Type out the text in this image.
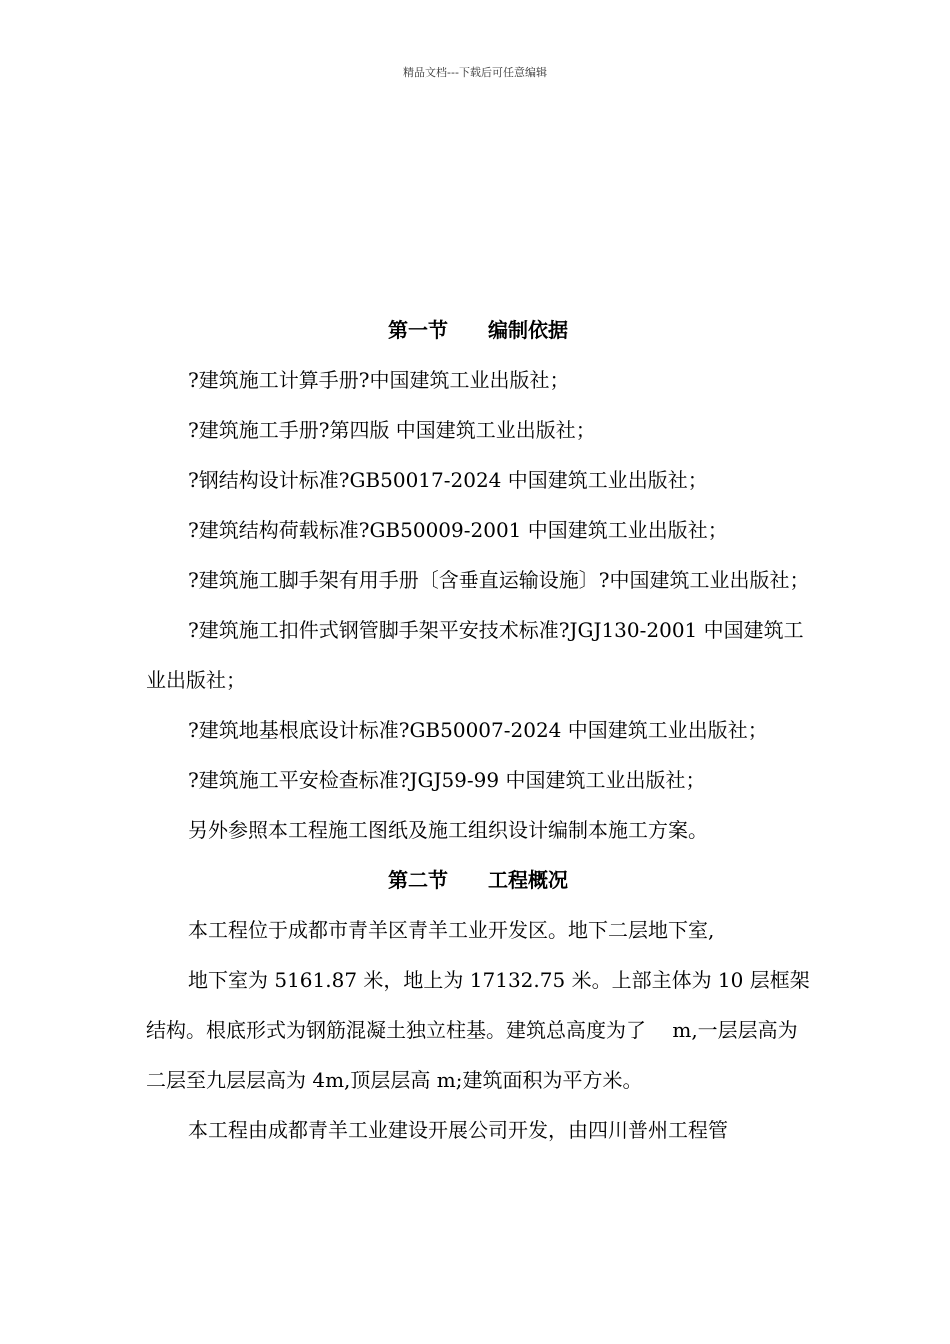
精品文档---下载后可任意编辑
第一节　　编制依据

?建筑施工计算手册?中国建筑工业出版社；

?建筑施工手册?第四版 中国建筑工业出版社；

?钢结构设计标准?GB50017-2024 中国建筑工业出版社；

?建筑结构荷载标准?GB50009-2001 中国建筑工业出版社；

?建筑施工脚手架有用手册〔含垂直运输设施〕?中国建筑工业出版社；

?建筑施工扣件式钢管脚手架平安技术标准?JGJ130-2001 中国建筑工业出版社；

?建筑地基根底设计标准?GB50007-2024 中国建筑工业出版社；

?建筑施工平安检查标准?JGJ59-99 中国建筑工业出版社；

另外参照本工程施工图纸及施工组织设计编制本施工方案。

第二节　　工程概况

本工程位于成都市青羊区青羊工业开发区。地下二层地下室,

地下室为 5161.87 米，地上为 17132.75 米。上部主体为 10 层框架结构。根底形式为钢筋混凝土独立柱基。建筑总高度为了　 m,一层层高为二层至九层层高为 4m,顶层层高 m;建筑面积为平方米。

本工程由成都青羊工业建设开展公司开发，由四川普州工程管
